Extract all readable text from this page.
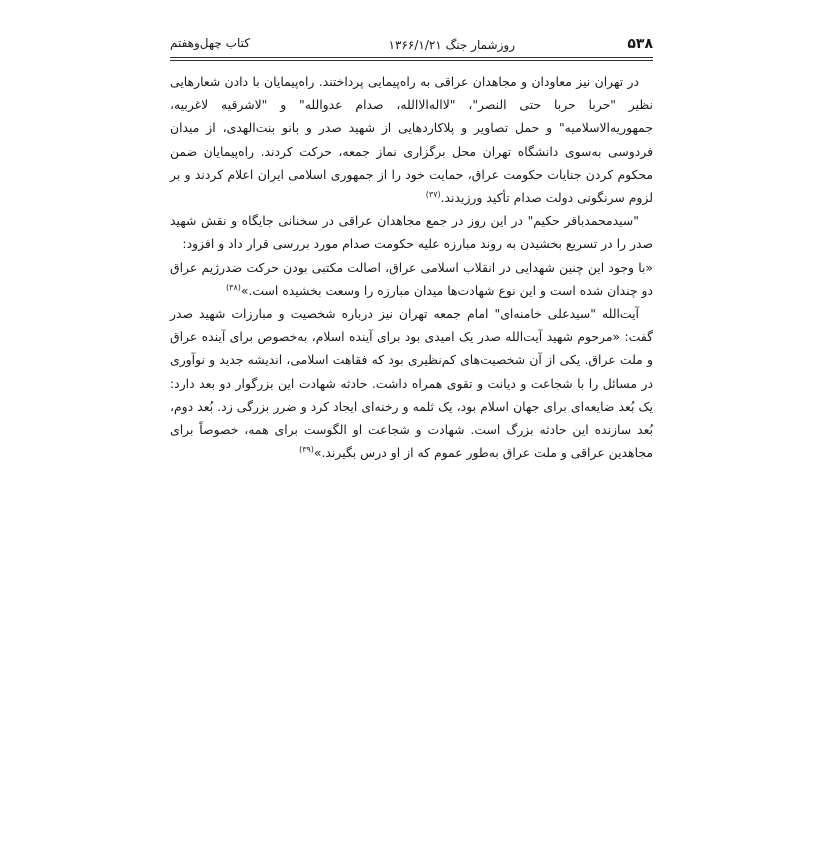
۵۳۸
روزشمار جنگ ۱۳۶۶/۱/۲۱
کتاب چهل‌وهفتم

در تهران نیز معاودان و مجاهدان عراقی به راه‌پیمایی پرداختند. راه‌پیمایان با دادن شعارهایی نظیر "حربا حربا حتی النصر"، "لااله‌الاالله، صدام عدوالله" و "لاشرقیه لاغربیه، جمهوریه‌الاسلامیه" و حمل تصاویر و پلاکاردهایی از شهید صدر و بانو بنت‌الهدی، از میدان فردوسی به‌سوی دانشگاه تهران محل برگزاری نماز جمعه، حرکت کردند. راه‌پیمایان ضمن محکوم کردن جنایات حکومت عراق، حمایت خود را از جمهوری اسلامی ایران اعلام کردند و بر لزوم سرنگونی دولت صدام تأکید ورزیدند.$^{(۳۷)}$

"سیدمحمدباقر حکیم" در این روز در جمع مجاهدان عراقی در سخنانی جایگاه و نقش شهید صدر را در تسریع بخشیدن به روند مبارزه علیه حکومت صدام مورد بررسی قرار داد و افزود:

«با وجود این چنین شهدایی در انقلاب اسلامی عراق، اصالت مکتبی بودن حرکت ضدرژیم عراق دو چندان شده است و این نوع شهادت‌ها میدان مبارزه را وسعت بخشیده است.»$^{(۳۸)}$

آیت‌الله "سیدعلی خامنه‌ای" امام جمعه تهران نیز درباره شخصیت و مبارزات شهید صدر گفت: «مرحوم شهید آیت‌الله صدر یک امیدی بود برای آینده اسلام، به‌خصوص برای آینده عراق و ملت عراق. یکی از آن شخصیت‌های کم‌نظیری بود که فقاهت اسلامی، اندیشه جدید و نوآوری در مسائل را با شجاعت و دیانت و تقوی همراه داشت. حادثه شهادت این بزرگوار دو بعد دارد: یک بُعد ضایعه‌ای برای جهان اسلام بود، یک ثلمه و رخنه‌ای ایجاد کرد و ضرر بزرگی زد. بُعد دوم، بُعد سازنده این حادثه بزرگ است. شهادت و شجاعت او الگوست برای همه، خصوصاً برای مجاهدین عراقی و ملت عراق به‌طور عموم که از او درس بگیرند.»$^{(۳۹)}$
